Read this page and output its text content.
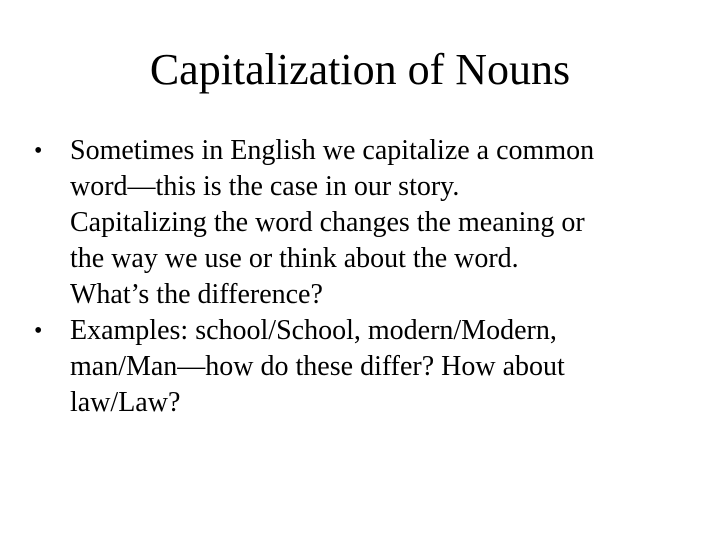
Capitalization of Nouns
• Sometimes in English we capitalize a common
word—this is the case in our story.
Capitalizing the word changes the meaning or
the way we use or think about the word.
What’s the difference?
• Examples: school/School, modern/Modern,
man/Man—how do these differ? How about
law/Law?
